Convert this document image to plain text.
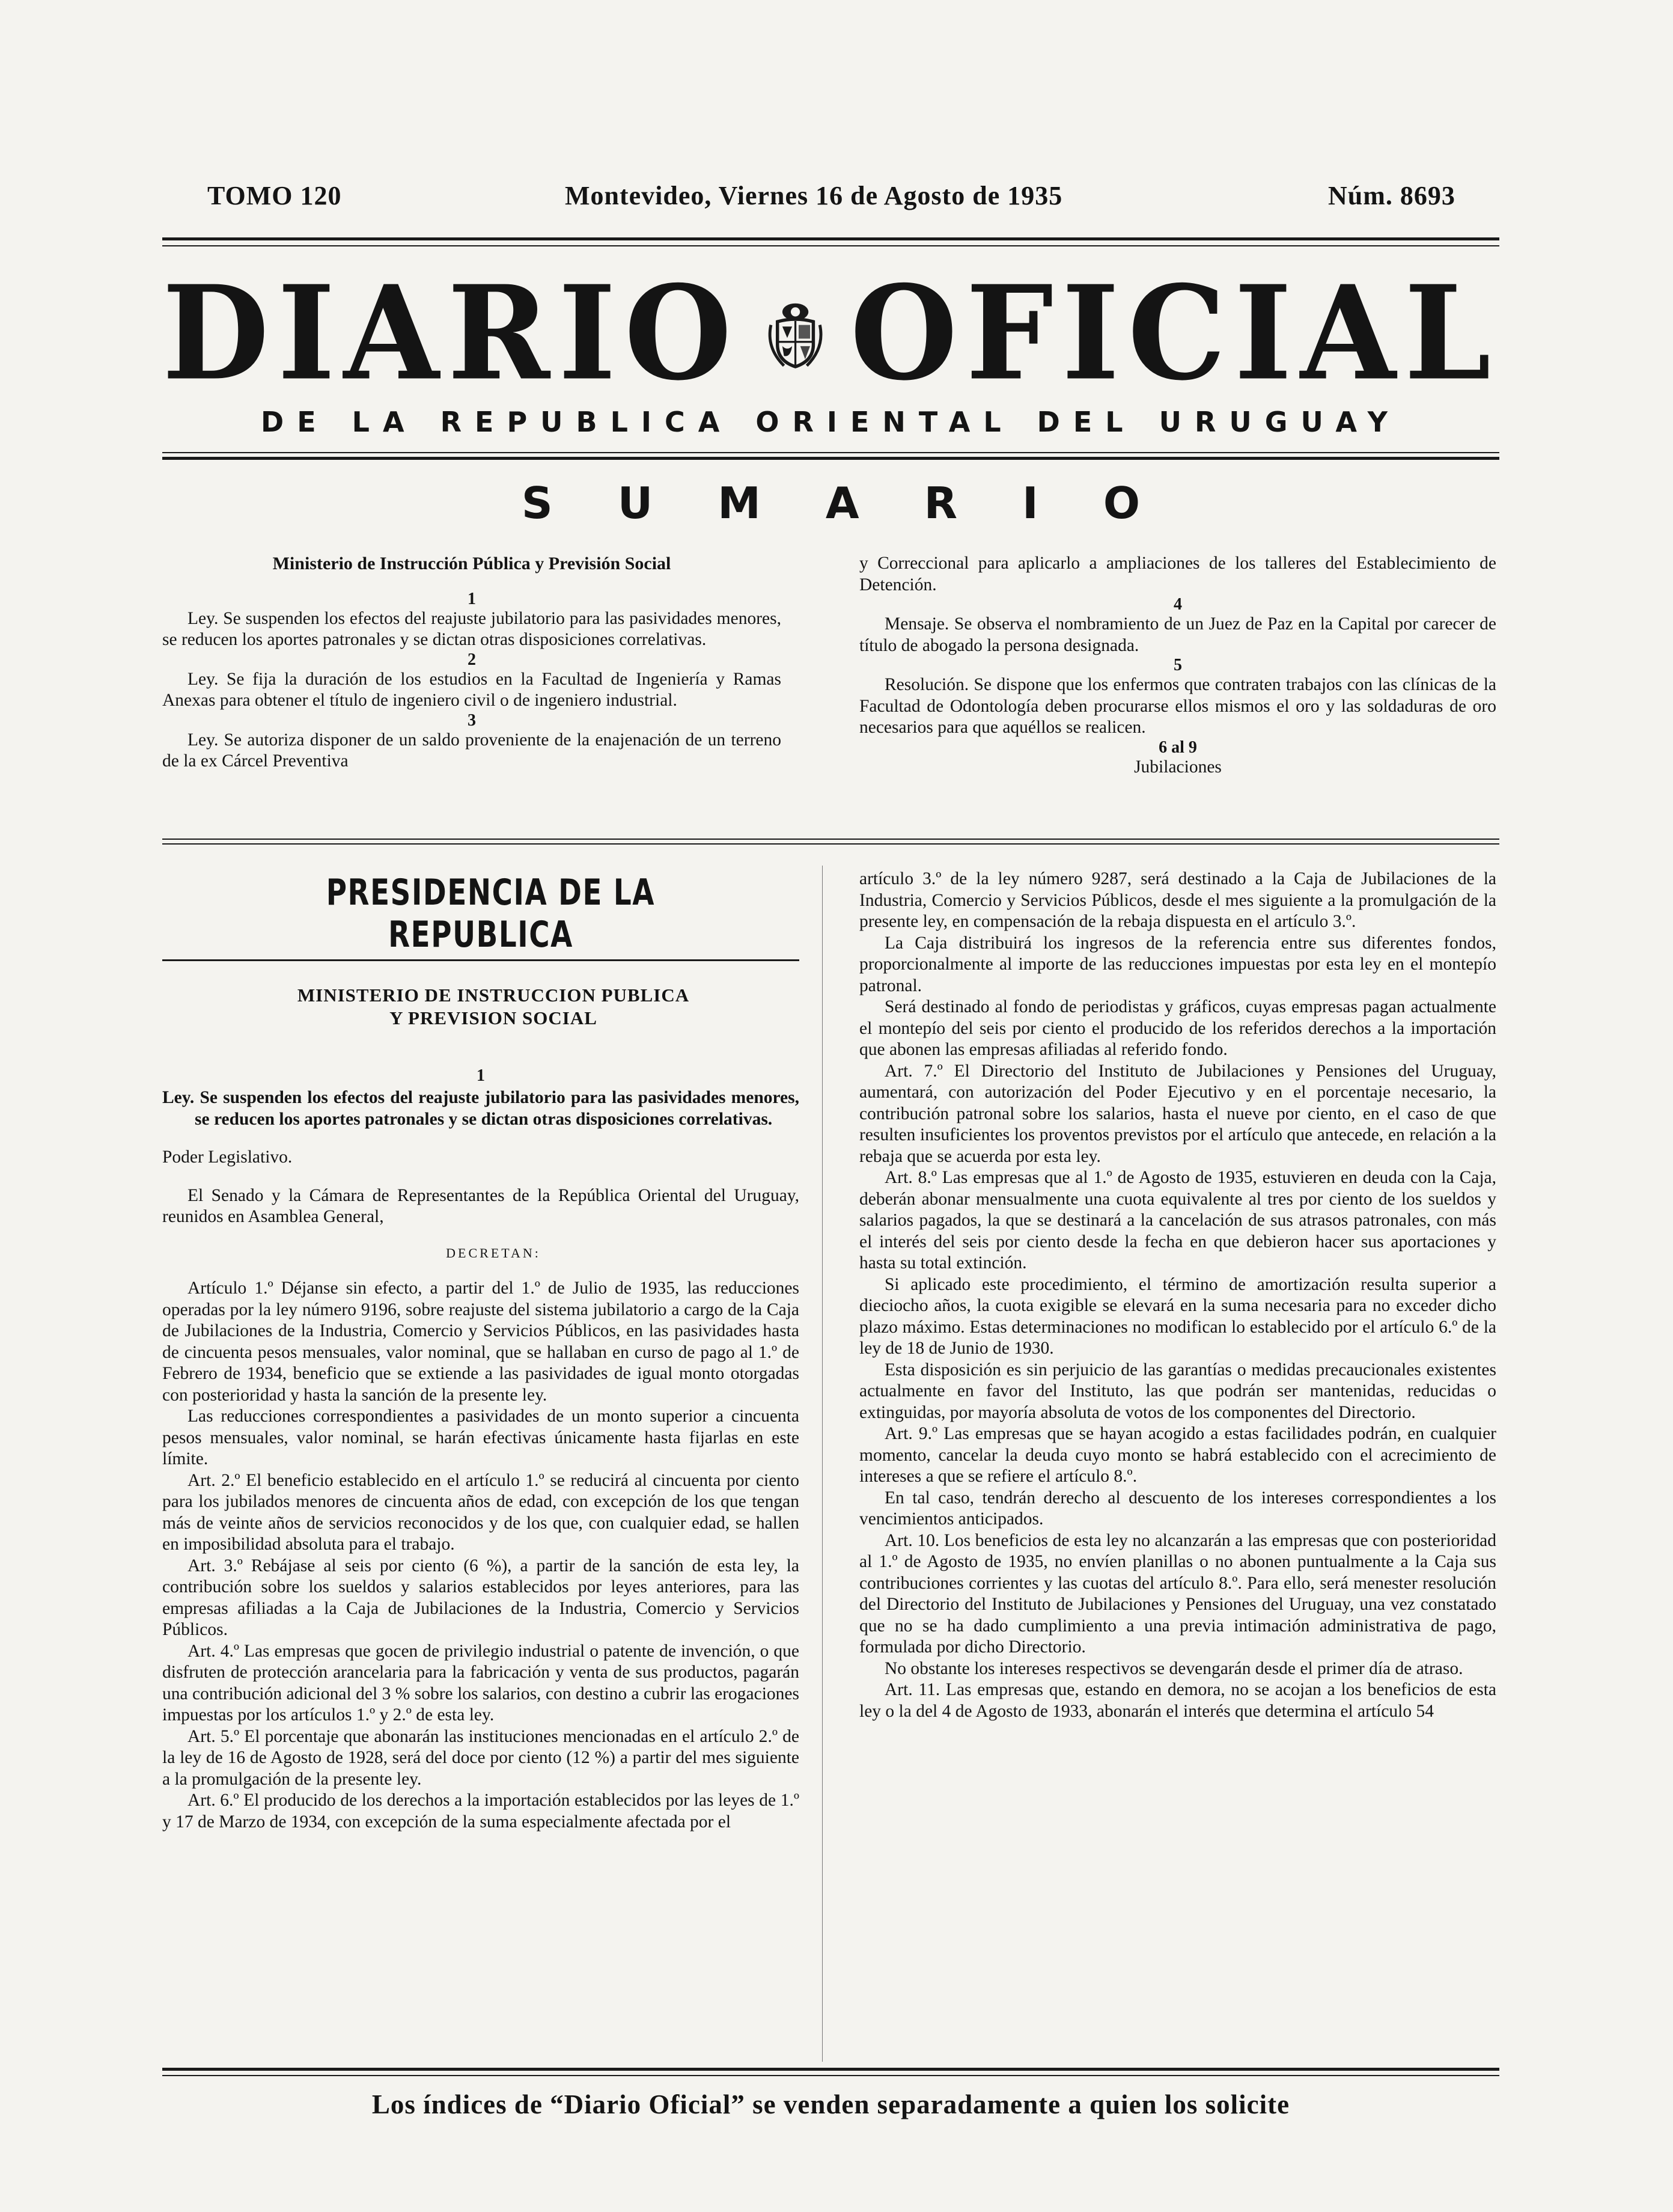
TOMO 120	Montevideo, Viernes 16 de Agosto de 1935	Núm. 8693
DIARIO OFICIAL
DE LA REPUBLICA ORIENTAL DEL URUGUAY
SUMARIO

Ministerio de Instrucción Pública y Previsión Social

1

Ley. Se suspenden los efectos del reajuste jubilatorio para las pasividades menores, se reducen los aportes patronales y se dictan otras disposiciones correlativas.

2

Ley. Se fija la duración de los estudios en la Facultad de Ingeniería y Ramas Anexas para obtener el título de ingeniero civil o de ingeniero industrial.

3

Ley. Se autoriza disponer de un saldo proveniente de la enajenación de un terreno de la ex Cárcel Preventiva

y Correccional para aplicarlo a ampliaciones de los talleres del Establecimiento de Detención.

4

Mensaje. Se observa el nombramiento de un Juez de Paz en la Capital por carecer de título de abogado la persona designada.

5

Resolución. Se dispone que los enfermos que contraten trabajos con las clínicas de la Facultad de Odontología deben procurarse ellos mismos el oro y las soldaduras de oro necesarios para que aquéllos se realicen.

6 al 9

Jubilaciones

PRESIDENCIA DE LA REPUBLICA

MINISTERIO DE INSTRUCCION PUBLICA

Y PREVISION SOCIAL

1

Ley. Se suspenden los efectos del reajuste jubilatorio para las pasividades menores, se reducen los aportes patronales y se dictan otras disposiciones correlativas.

Poder Legislativo.

El Senado y la Cámara de Representantes de la República Oriental del Uruguay, reunidos en Asamblea General,

DECRETAN:

Artículo 1.º Déjanse sin efecto, a partir del 1.º de Julio de 1935, las reducciones operadas por la ley número 9196, sobre reajuste del sistema jubilatorio a cargo de la Caja de Jubilaciones de la Industria, Comercio y Servicios Públicos, en las pasividades hasta de cincuenta pesos mensuales, valor nominal, que se hallaban en curso de pago al 1.º de Febrero de 1934, beneficio que se extiende a las pasividades de igual monto otorgadas con posterioridad y hasta la sanción de la presente ley.

Las reducciones correspondientes a pasividades de un monto superior a cincuenta pesos mensuales, valor nominal, se harán efectivas únicamente hasta fijarlas en este límite.

Art. 2.º El beneficio establecido en el artículo 1.º se reducirá al cincuenta por ciento para los jubilados menores de cincuenta años de edad, con excepción de los que tengan más de veinte años de servicios reconocidos y de los que, con cualquier edad, se hallen en imposibilidad absoluta para el trabajo.

Art. 3.º Rebájase al seis por ciento (6 %), a partir de la sanción de esta ley, la contribución sobre los sueldos y salarios establecidos por leyes anteriores, para las empresas afiliadas a la Caja de Jubilaciones de la Industria, Comercio y Servicios Públicos.

Art. 4.º Las empresas que gocen de privilegio industrial o patente de invención, o que disfruten de protección arancelaria para la fabricación y venta de sus productos, pagarán una contribución adicional del 3 % sobre los salarios, con destino a cubrir las erogaciones impuestas por los artículos 1.º y 2.º de esta ley.

Art. 5.º El porcentaje que abonarán las instituciones mencionadas en el artículo 2.º de la ley de 16 de Agosto de 1928, será del doce por ciento (12 %) a partir del mes siguiente a la promulgación de la presente ley.

Art. 6.º El producido de los derechos a la importación establecidos por las leyes de 1.º y 17 de Marzo de 1934, con excepción de la suma especialmente afectada por el

artículo 3.º de la ley número 9287, será destinado a la Caja de Jubilaciones de la Industria, Comercio y Servicios Públicos, desde el mes siguiente a la promulgación de la presente ley, en compensación de la rebaja dispuesta en el artículo 3.º.

La Caja distribuirá los ingresos de la referencia entre sus diferentes fondos, proporcionalmente al importe de las reducciones impuestas por esta ley en el montepío patronal.

Será destinado al fondo de periodistas y gráficos, cuyas empresas pagan actualmente el montepío del seis por ciento el producido de los referidos derechos a la importación que abonen las empresas afiliadas al referido fondo.

Art. 7.º El Directorio del Instituto de Jubilaciones y Pensiones del Uruguay, aumentará, con autorización del Poder Ejecutivo y en el porcentaje necesario, la contribución patronal sobre los salarios, hasta el nueve por ciento, en el caso de que resulten insuficientes los proventos previstos por el artículo que antecede, en relación a la rebaja que se acuerda por esta ley.

Art. 8.º Las empresas que al 1.º de Agosto de 1935, estuvieren en deuda con la Caja, deberán abonar mensualmente una cuota equivalente al tres por ciento de los sueldos y salarios pagados, la que se destinará a la cancelación de sus atrasos patronales, con más el interés del seis por ciento desde la fecha en que debieron hacer sus aportaciones y hasta su total extinción.

Si aplicado este procedimiento, el término de amortización resulta superior a dieciocho años, la cuota exigible se elevará en la suma necesaria para no exceder dicho plazo máximo. Estas determinaciones no modifican lo establecido por el artículo 6.º de la ley de 18 de Junio de 1930.

Esta disposición es sin perjuicio de las garantías o medidas precaucionales existentes actualmente en favor del Instituto, las que podrán ser mantenidas, reducidas o extinguidas, por mayoría absoluta de votos de los componentes del Directorio.

Art. 9.º Las empresas que se hayan acogido a estas facilidades podrán, en cualquier momento, cancelar la deuda cuyo monto se habrá establecido con el acrecimiento de intereses a que se refiere el artículo 8.º.

En tal caso, tendrán derecho al descuento de los intereses correspondientes a los vencimientos anticipados.

Art. 10. Los beneficios de esta ley no alcanzarán a las empresas que con posterioridad al 1.º de Agosto de 1935, no envíen planillas o no abonen puntualmente a la Caja sus contribuciones corrientes y las cuotas del artículo 8.º. Para ello, será menester resolución del Directorio del Instituto de Jubilaciones y Pensiones del Uruguay, una vez constatado que no se ha dado cumplimiento a una previa intimación administrativa de pago, formulada por dicho Directorio.

No obstante los intereses respectivos se devengarán desde el primer día de atraso.

Art. 11. Las empresas que, estando en demora, no se acojan a los beneficios de esta ley o la del 4 de Agosto de 1933, abonarán el interés que determina el artículo 54

Los índices de “Diario Oficial” se venden separadamente a quien los solicite
